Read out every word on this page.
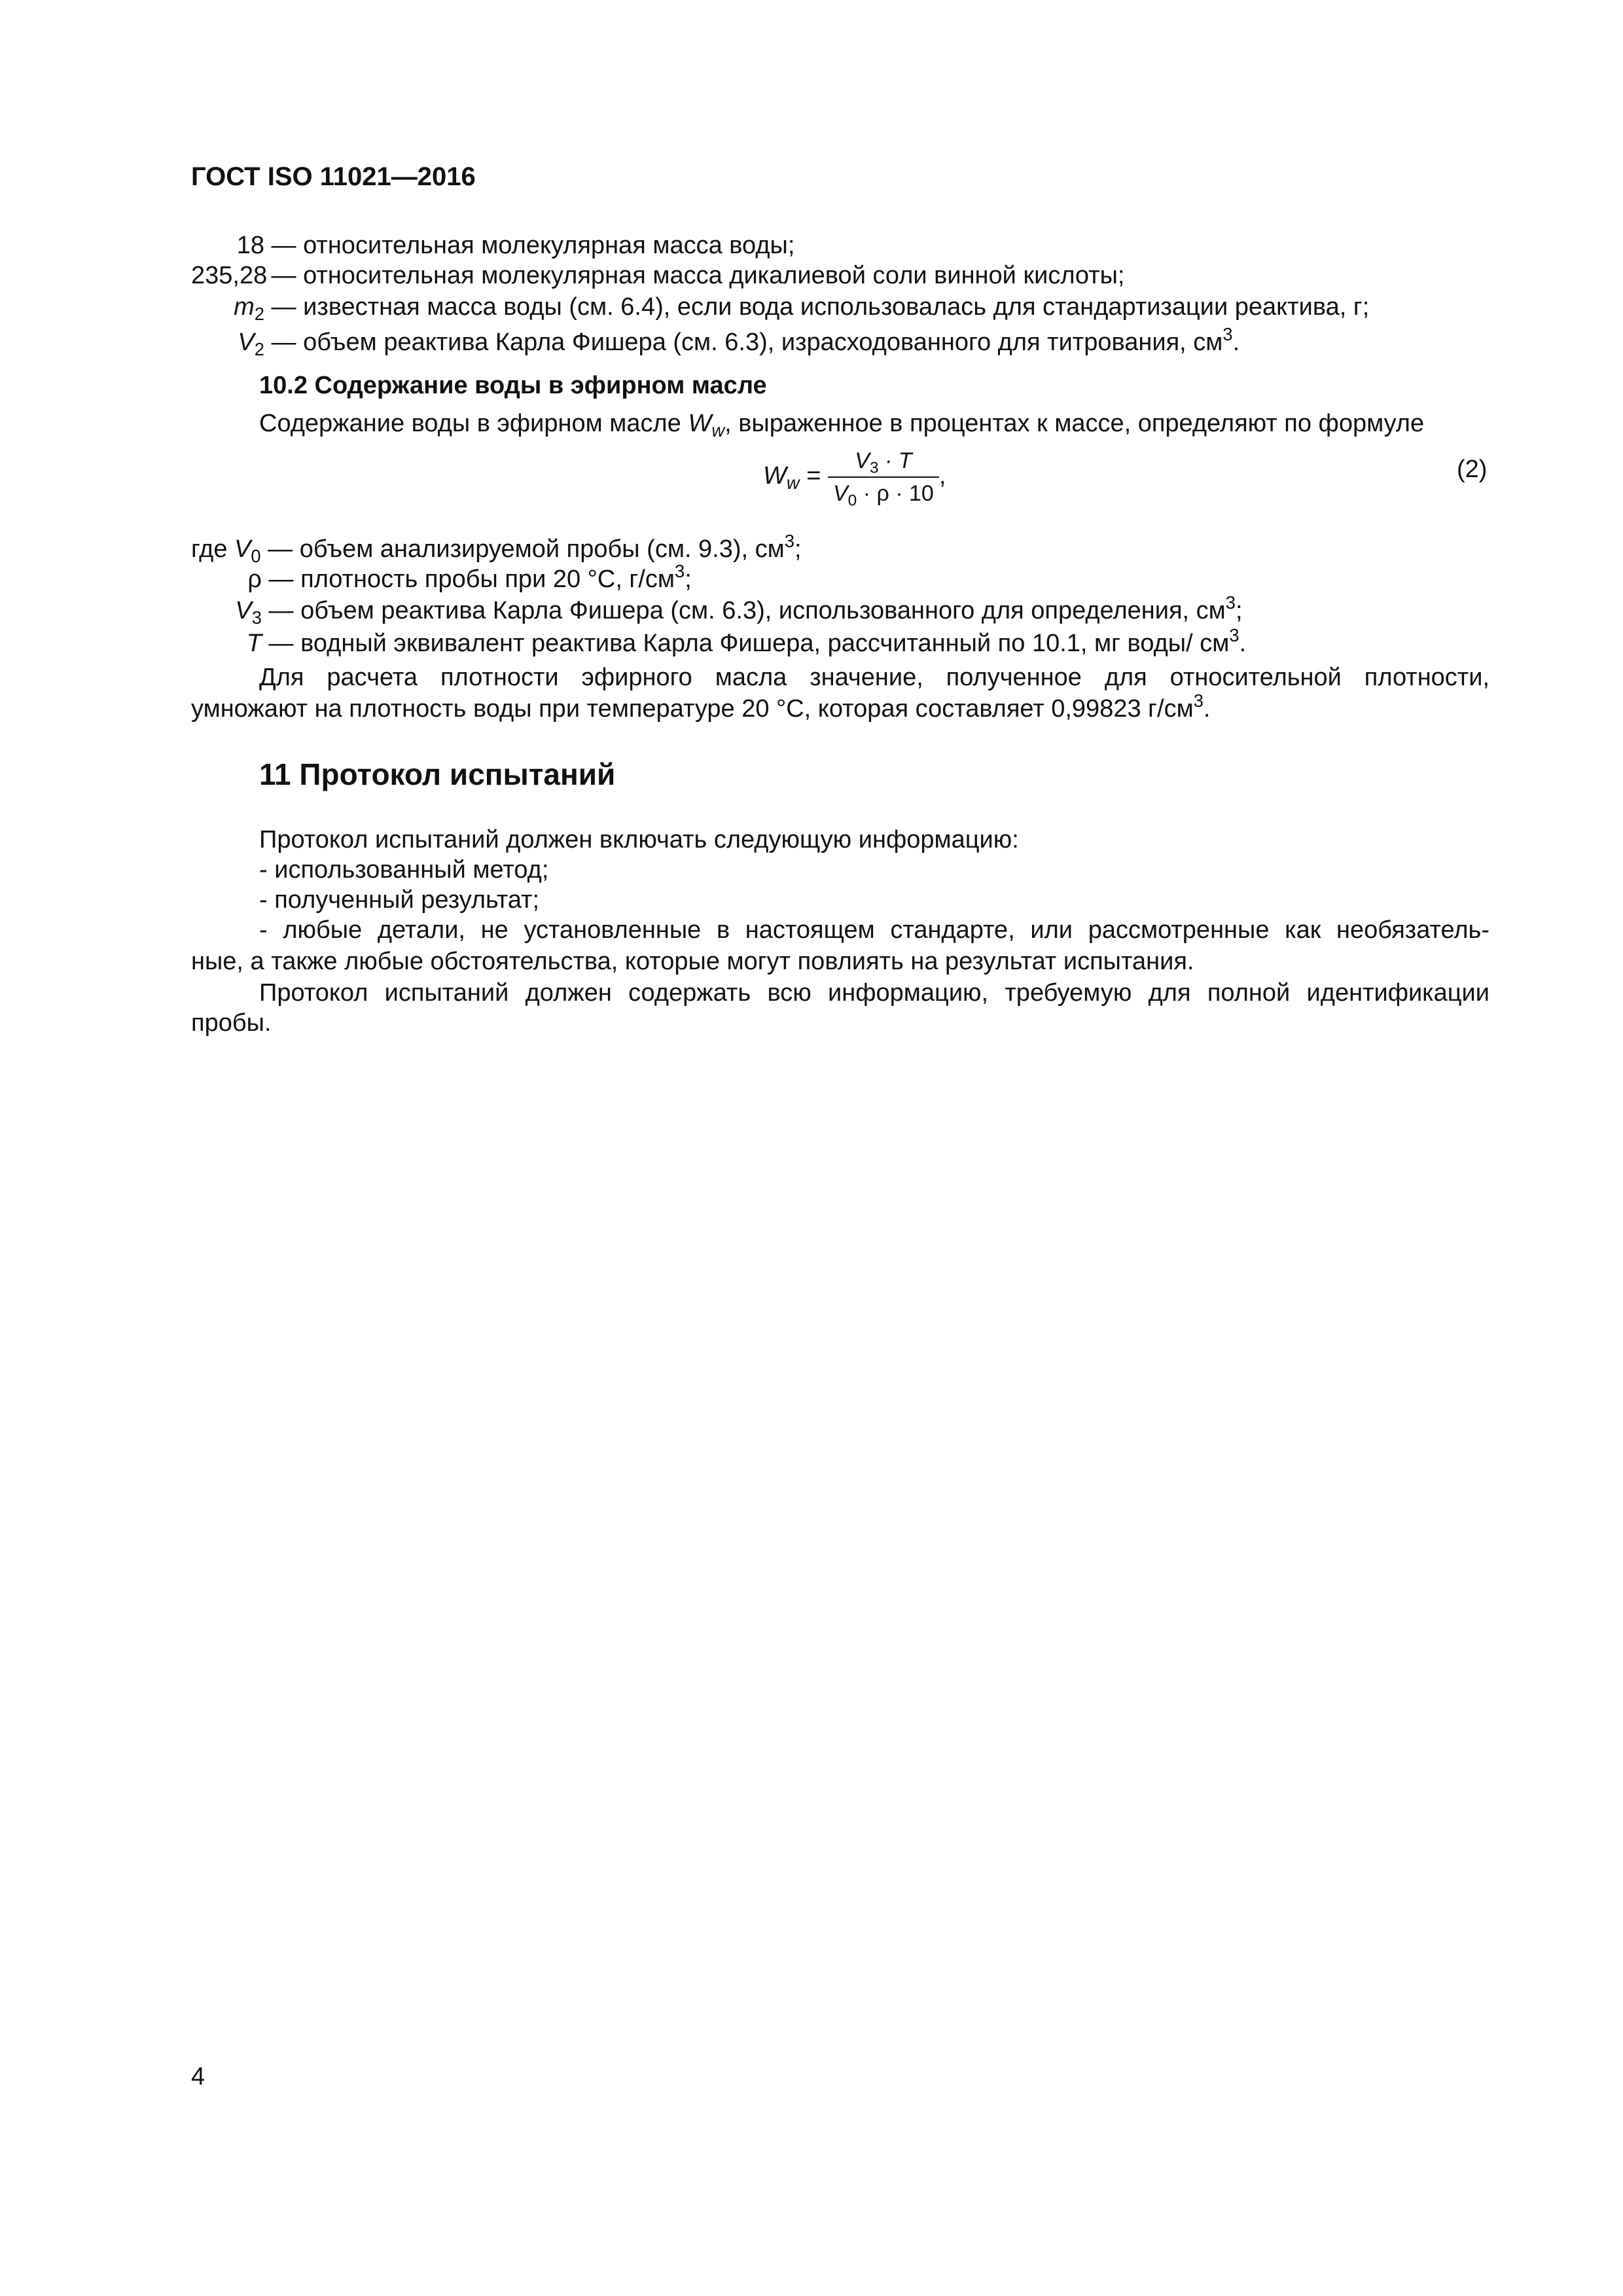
ГОСТ ISO 11021—2016
18 — относительная молекулярная масса воды;
235,28 — относительная молекулярная масса дикалиевой соли винной кислоты;
$m_2$ — известная масса воды (см. 6.4), если вода использовалась для стандартизации реактива, г;
$V_2$ — объем реактива Карла Фишера (см. 6.3), израсходованного для титрования, $см^3$.
10.2 Содержание воды в эфирном масле
Содержание воды в эфирном масле $W_w$, выраженное в процентах к массе, определяют по формуле
$W_w = \frac{V_3 \cdot T}{V_0 \cdot \rho \cdot 10}$ ,	(2)
где $V_0$ — объем анализируемой пробы (см. 9.3), $см^3$;
ρ — плотность пробы при 20 °С, $г/см^3$;
$V_3$ — объем реактива Карла Фишера (см. 6.3), использованного для определения, $см^3$;
T — водный эквивалент реактива Карла Фишера, рассчитанный по 10.1, мг воды/ $см^3$.
Для расчета плотности эфирного масла значение, полученное для относительной плотности,
умножают на плотность воды при температуре 20 °С, которая составляет 0,99823 $г/см^3$.
11 Протокол испытаний
Протокол испытаний должен включать следующую информацию:
- использованный метод;
- полученный результат;
- любые детали, не установленные в настоящем стандарте, или рассмотренные как необязатель-
ные, а также любые обстоятельства, которые могут повлиять на результат испытания.
Протокол испытаний должен содержать всю информацию, требуемую для полной идентификации
пробы.
4
